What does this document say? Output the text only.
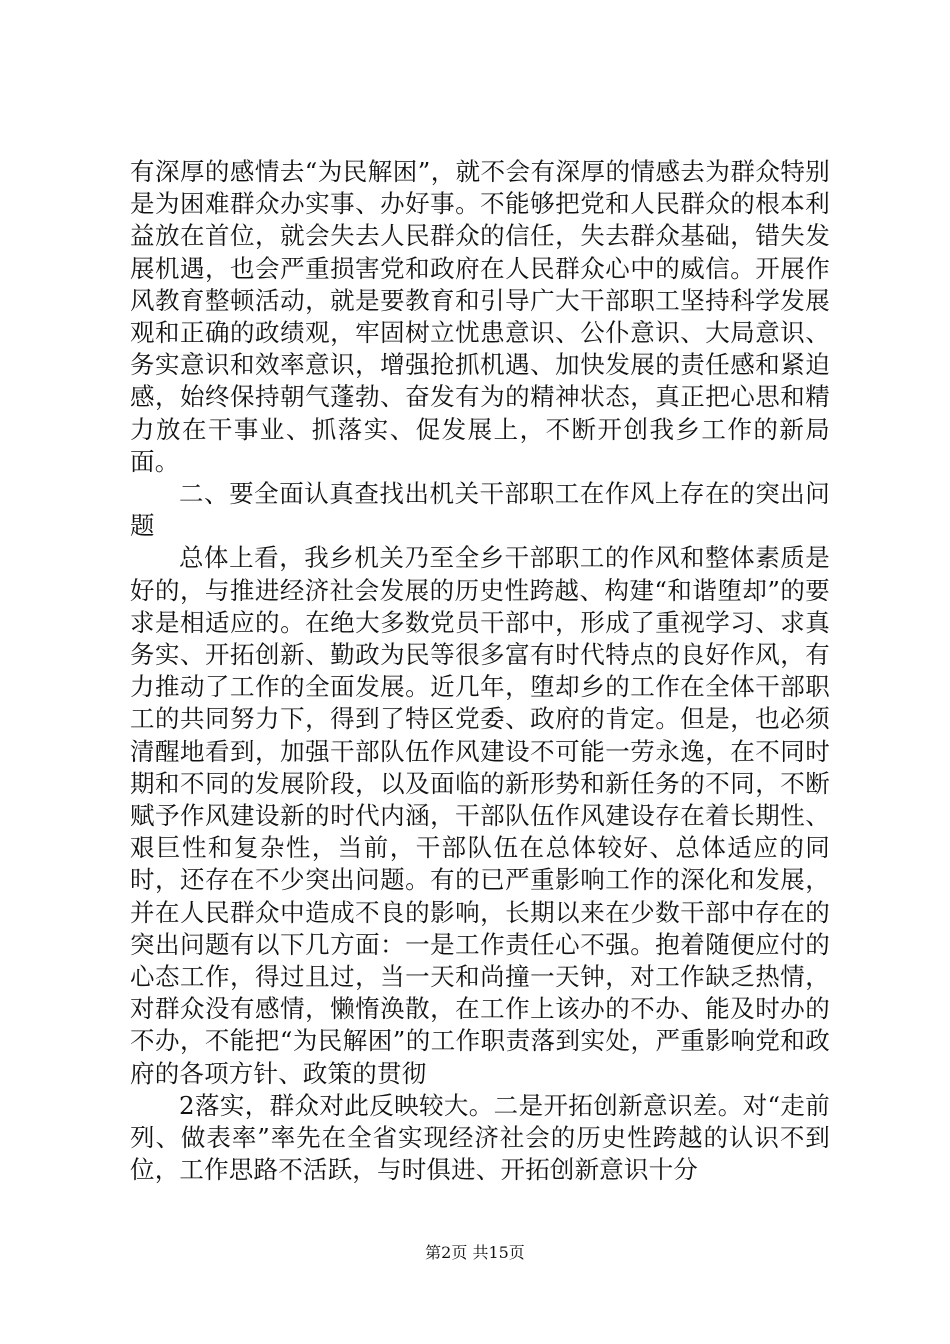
有深厚的感情去“为民解困”，就不会有深厚的情感去为群众特别是为困难群众办实事、办好事。不能够把党和人民群众的根本利益放在首位，就会失去人民群众的信任，失去群众基础，错失发展机遇，也会严重损害党和政府在人民群众心中的威信。开展作风教育整顿活动，就是要教育和引导广大干部职工坚持科学发展观和正确的政绩观，牢固树立忧患意识、公仆意识、大局意识、务实意识和效率意识，增强抢抓机遇、加快发展的责任感和紧迫感，始终保持朝气蓬勃、奋发有为的精神状态，真正把心思和精力放在干事业、抓落实、促发展上，不断开创我乡工作的新局面。

二、要全面认真查找出机关干部职工在作风上存在的突出问题

总体上看，我乡机关乃至全乡干部职工的作风和整体素质是好的，与推进经济社会发展的历史性跨越、构建“和谐堕却”的要求是相适应的。在绝大多数党员干部中，形成了重视学习、求真务实、开拓创新、勤政为民等很多富有时代特点的良好作风，有力推动了工作的全面发展。近几年，堕却乡的工作在全体干部职工的共同努力下，得到了特区党委、政府的肯定。但是，也必须清醒地看到，加强干部队伍作风建设不可能一劳永逸，在不同时期和不同的发展阶段，以及面临的新形势和新任务的不同，不断赋予作风建设新的时代内涵，干部队伍作风建设存在着长期性、艰巨性和复杂性，当前，干部队伍在总体较好、总体适应的同时，还存在不少突出问题。有的已严重影响工作的深化和发展，并在人民群众中造成不良的影响，长期以来在少数干部中存在的突出问题有以下几方面：一是工作责任心不强。抱着随便应付的心态工作，得过且过，当一天和尚撞一天钟，对工作缺乏热情，对群众没有感情，懒惰涣散，在工作上该办的不办、能及时办的不办，不能把“为民解困”的工作职责落到实处，严重影响党和政府的各项方针、政策的贯彻

2落实，群众对此反映较大。二是开拓创新意识差。对“走前列、做表率”率先在全省实现经济社会的历史性跨越的认识不到位，工作思路不活跃，与时俱进、开拓创新意识十分

第2页 共15页
